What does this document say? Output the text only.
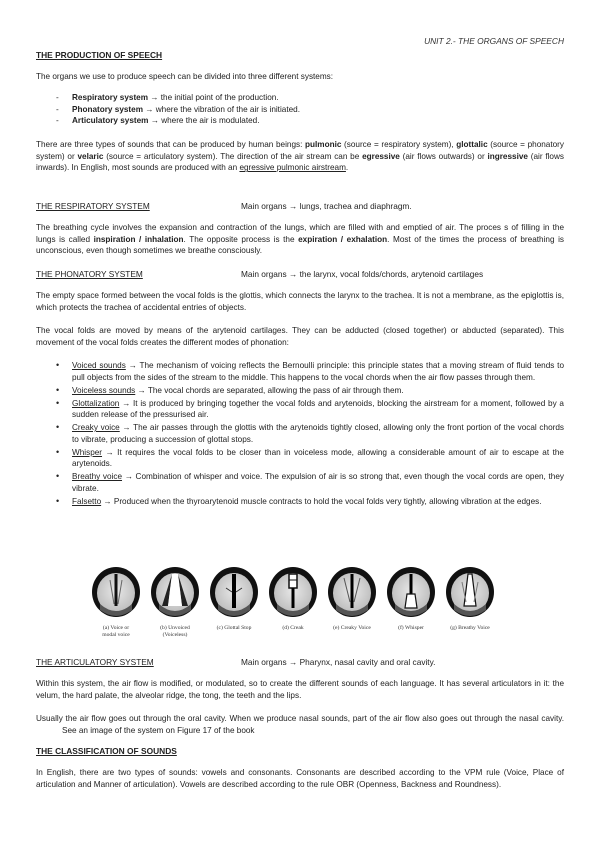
UNIT 2.- THE ORGANS OF SPEECH
THE PRODUCTION OF SPEECH

The organs we use to produce speech can be divided into three different systems:

- Respiratory system → the initial point of the production.
- Phonatory system → where the vibration of the air is initiated.
- Articulatory system → where the air is modulated.

There are three types of sounds that can be produced by human beings: pulmonic (source = respiratory system), glottalic (source = phonatory system) or velaric (source = articulatory system). The direction of the air stream can be egressive (air flows outwards) or ingressive (air flows inwards). In English, most sounds are produced with an egressive pulmonic airstream.

THE RESPIRATORY SYSTEM	Main organs → lungs, trachea and diaphragm.

The breathing cycle involves the expansion and contraction of the lungs, which are filled with and emptied of air. The proces s of filling in the lungs is called inspiration / inhalation. The opposite process is the expiration / exhalation. Most of the times the process of breathing is unconscious, even though sometimes we breathe consciously.

THE PHONATORY SYSTEM	Main organs → the larynx, vocal folds/chords, arytenoid cartilages

The empty space formed between the vocal folds is the glottis, which connects the larynx to the trachea. It is not a membrane, as the epiglottis is, which protects the trachea of accidental entries of objects.

The vocal folds are moved by means of the arytenoid cartilages. They can be adducted (closed together) or abducted (separated). This movement of the vocal folds creates the different modes of phonation:

• Voiced sounds → The mechanism of voicing reflects the Bernoulli principle: this principle states that a moving stream of fluid tends to pull objects from the sides of the stream to the middle. This happens to the vocal chords when the air flow passes through them.
• Voiceless sounds → The vocal chords are separated, allowing the pass of air through them.
• Glottalization → It is produced by bringing together the vocal folds and arytenoids, blocking the airstream for a moment, followed by a sudden release of the pressurised air.
• Creaky voice → The air passes through the glottis with the arytenoids tightly closed, allowing only the front portion of the vocal chords to vibrate, producing a succession of glottal stops.
• Whisper → It requires the vocal folds to be closer than in voiceless mode, allowing a considerable amount of air to escape at the arytenoids.
• Breathy voice → Combination of whisper and voice. The expulsion of air is so strong that, even though the vocal cords are open, they vibrate.
• Falsetto → Produced when the thyroarytenoid muscle contracts to hold the vocal folds very tightly, allowing vibration at the edges.
(a) Voice or
modal voice
(b) Unvoiced
(Voiceless)
(c) Glottal Stop	(d) Creak	(e) Creaky Voice	(f) Whisper	(g) Breathy Voice
THE ARTICULATORY SYSTEM	Main organs → Pharynx, nasal cavity and oral cavity.

Within this system, the air flow is modified, or modulated, so to create the different sounds of each language. It has several articulators in it: the velum, the hard palate, the alveolar ridge, the tong, the teeth and the lips.

Usually the air flow goes out through the oral cavity. When we produce nasal sounds, part of the air flow also goes out through the nasal cavity.See an image of the system on Figure 17 of the book

THE CLASSIFICATION OF SOUNDS

In English, there are two types of sounds: vowels and consonants. Consonants are described according to the VPM rule (Voice, Place of articulation and Manner of articulation). Vowels are described according to the rule OBR (Openness, Backness and Roundness).
